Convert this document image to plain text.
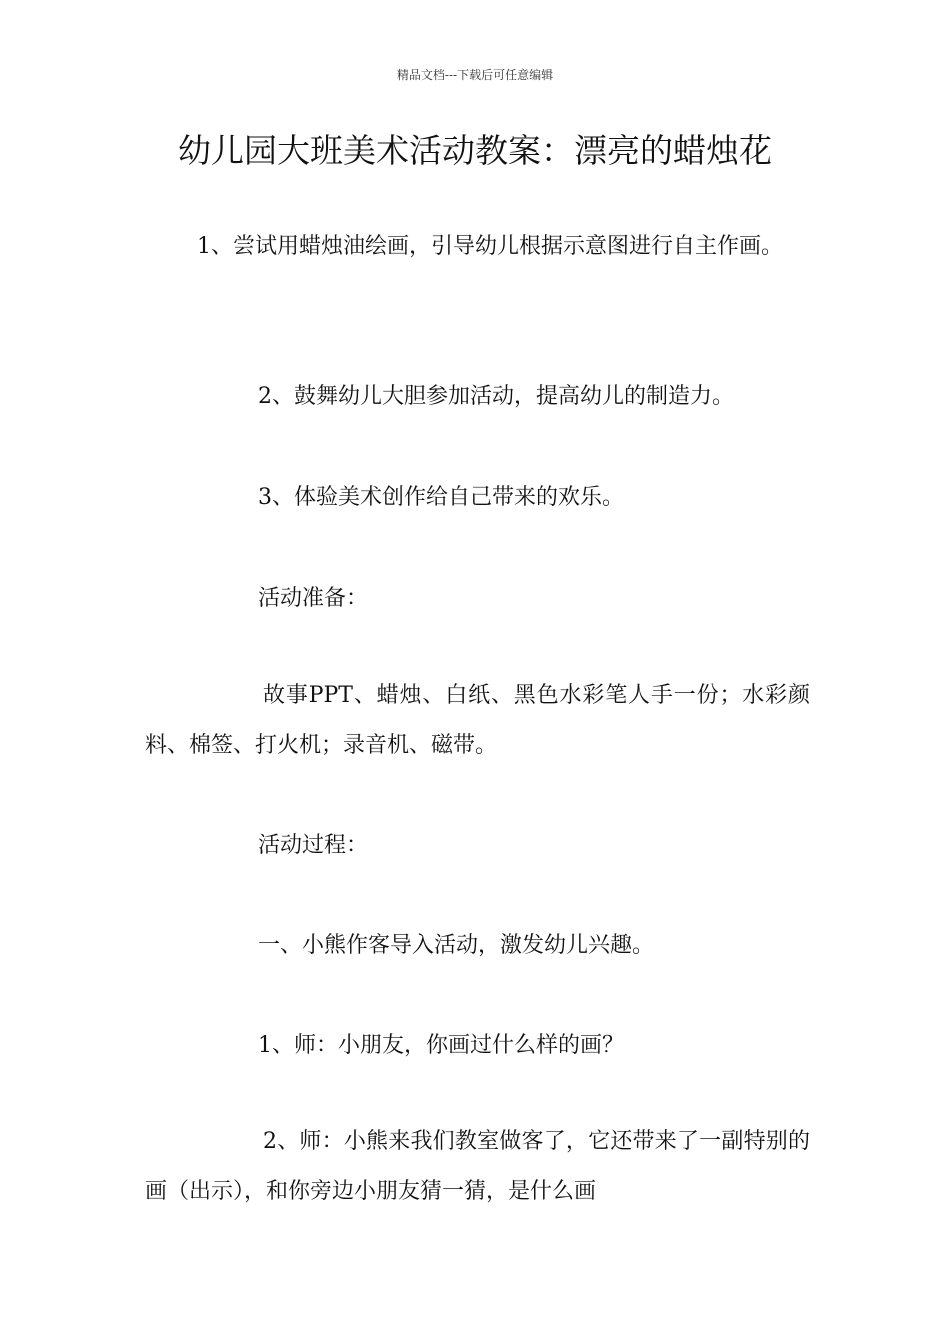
精品文档---下载后可任意编辑
幼儿园大班美术活动教案：漂亮的蜡烛花

1、尝试用蜡烛油绘画，引导幼儿根据示意图进行自主作画。

2、鼓舞幼儿大胆参加活动，提高幼儿的制造力。

3、体验美术创作给自己带来的欢乐。

活动准备：

故事PPT、蜡烛、白纸、黑色水彩笔人手一份；水彩颜料、棉签、打火机；录音机、磁带。

活动过程：

一、小熊作客导入活动，激发幼儿兴趣。

1、师：小朋友，你画过什么样的画？

2、师：小熊来我们教室做客了，它还带来了一副特别的画（出示），和你旁边小朋友猜一猜，是什么画
